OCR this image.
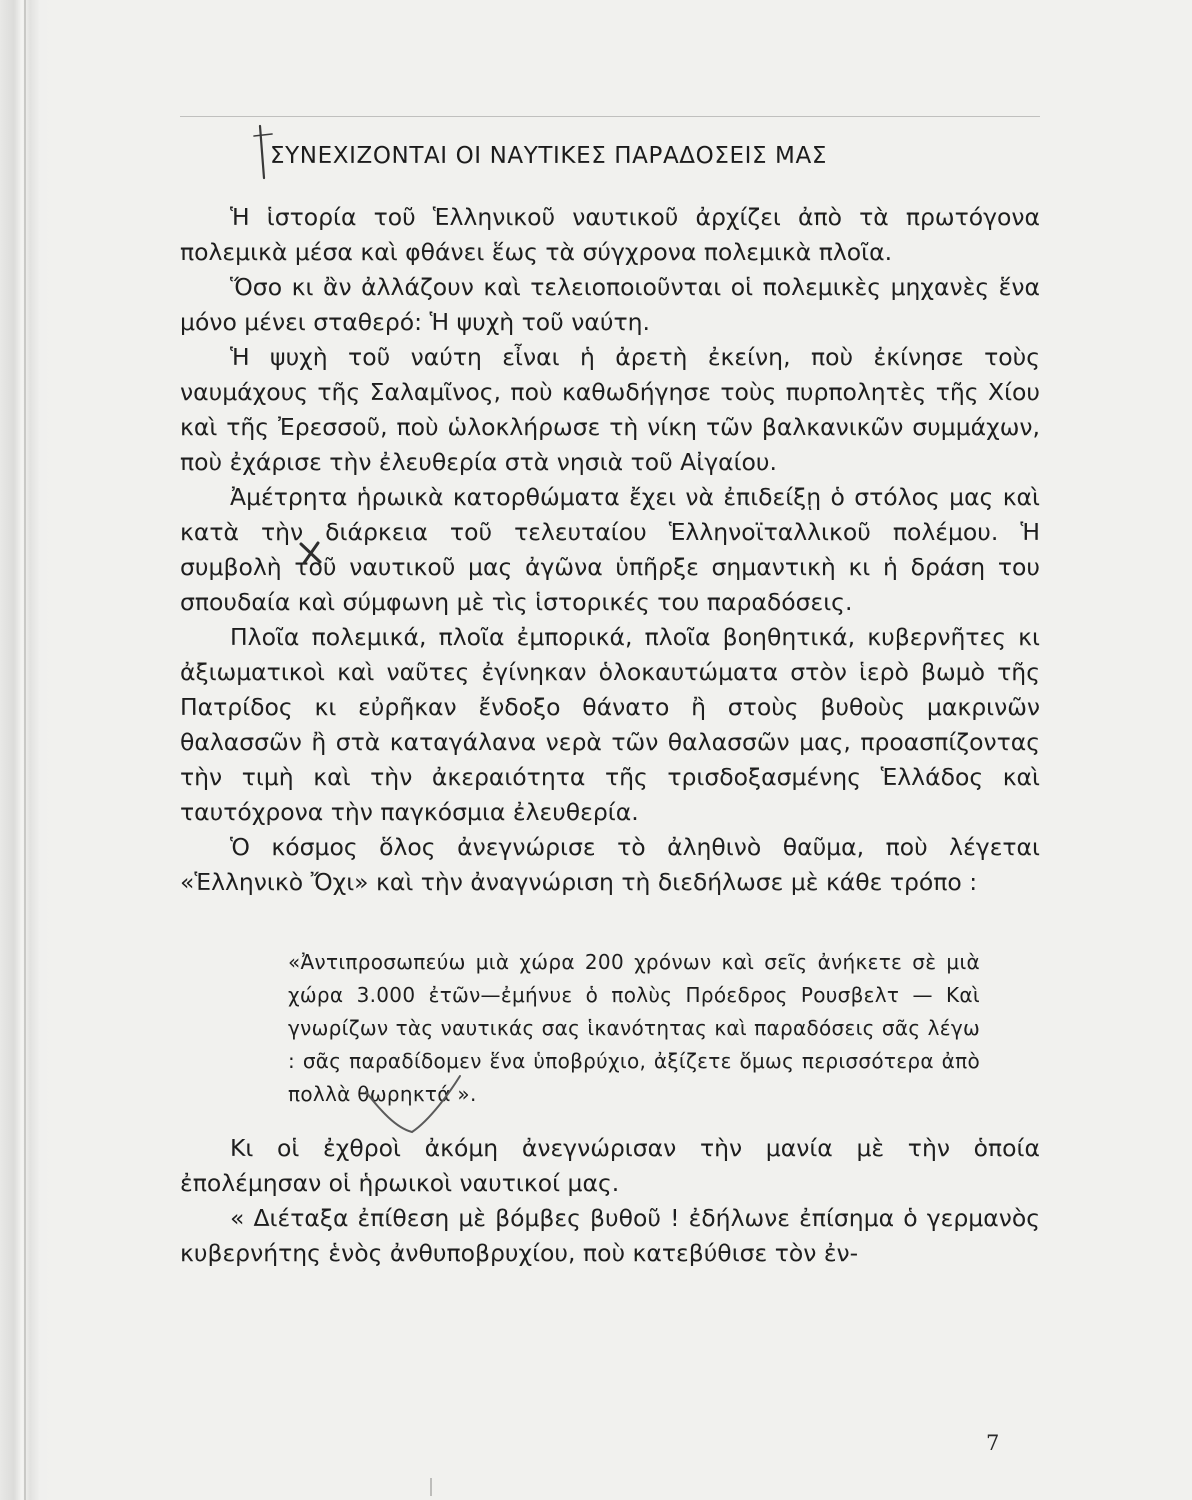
ΣΥΝΕΧΙΖΟΝΤΑΙ ΟΙ ΝΑΥΤΙΚΕΣ ΠΑΡΑΔΟΣΕΙΣ ΜΑΣ

Ἡ ἱστορία τοῦ Ἑλληνικοῦ ναυτικοῦ ἀρχίζει ἀπὸ τὰ πρωτόγονα πολεμικὰ μέσα καὶ φθάνει ἕως τὰ σύγχρονα πολεμικὰ πλοῖα.

Ὅσο κι ἂν ἀλλάζουν καὶ τελειοποιοῦνται οἱ πολεμικὲς μηχανὲς ἕνα μόνο μένει σταθερό: Ἡ ψυχὴ τοῦ ναύτη.

Ἡ ψυχὴ τοῦ ναύτη εἶναι ἡ ἀρετὴ ἐκείνη, ποὺ ἐκίνησε τοὺς ναυμάχους τῆς Σαλαμῖνος, ποὺ καθωδήγησε τοὺς πυρπολητὲς τῆς Χίου καὶ τῆς Ἐρεσσοῦ, ποὺ ὡλοκλήρωσε τὴ νίκη τῶν βαλκανικῶν συμμάχων, ποὺ ἐχάρισε τὴν ἐλευθερία στὰ νησιὰ τοῦ Αἰγαίου.

Ἀμέτρητα ἡρωικὰ κατορθώματα ἔχει νὰ ἐπιδείξῃ ὁ στόλος μας καὶ κατὰ τὴν διάρκεια τοῦ τελευταίου Ἑλληνοϊταλλικοῦ πολέμου. Ἡ συμβολὴ τοῦ ναυτικοῦ μας ἀγῶνα ὑπῆρξε σημαντικὴ κι ἡ δράση του σπουδαία καὶ σύμφωνη μὲ τὶς ἱστορικές του παραδόσεις.

Πλοῖα πολεμικά, πλοῖα ἐμπορικά, πλοῖα βοηθητικά, κυβερνῆτες κι ἀξιωματικοὶ καὶ ναῦτες ἐγίνηκαν ὁλοκαυτώματα στὸν ἱερὸ βωμὸ τῆς Πατρίδος κι εὐρῆκαν ἔνδοξο θάνατο ἢ στοὺς βυθοὺς μακρινῶν θαλασσῶν ἢ στὰ καταγάλανα νερὰ τῶν θαλασσῶν μας, προασπίζοντας τὴν τιμὴ καὶ τὴν ἀκεραιότητα τῆς τρισδοξασμένης Ἑλλάδος καὶ ταυτόχρονα τὴν παγκόσμια ἐλευθερία.

Ὁ κόσμος ὅλος ἀνεγνώρισε τὸ ἀληθινὸ θαῦμα, ποὺ λέγεται «Ἑλληνικὸ Ὄχι» καὶ τὴν ἀναγνώριση τὴ διεδήλωσε μὲ κάθε τρόπο :

«Ἀντιπροσωπεύω μιὰ χώρα 200 χρόνων καὶ σεῖς ἀνήκετε σὲ μιὰ χώρα 3.000 ἐτῶν—ἐμήνυε ὁ πολὺς Πρόεδρος Ρουσβελτ — Καὶ γνωρίζων τὰς ναυτικάς σας ἱκανότητας καὶ παραδόσεις σᾶς λέγω : σᾶς παραδίδομεν ἕνα ὑποβρύχιο, ἀξίζετε ὅμως περισσότερα ἀπὸ πολλὰ θωρηκτά ».

Κι οἱ ἐχθροὶ ἀκόμη ἀνεγνώρισαν τὴν μανία μὲ τὴν ὁποία ἐπολέμησαν οἱ ἡρωικοὶ ναυτικοί μας.

« Διέταξα ἐπίθεση μὲ βόμβες βυθοῦ ! ἐδήλωνε ἐπίσημα ὁ γερμανὸς κυβερνήτης ἑνὸς ἀνθυποβρυχίου, ποὺ κατεβύθισε τὸν ἐν-

7
